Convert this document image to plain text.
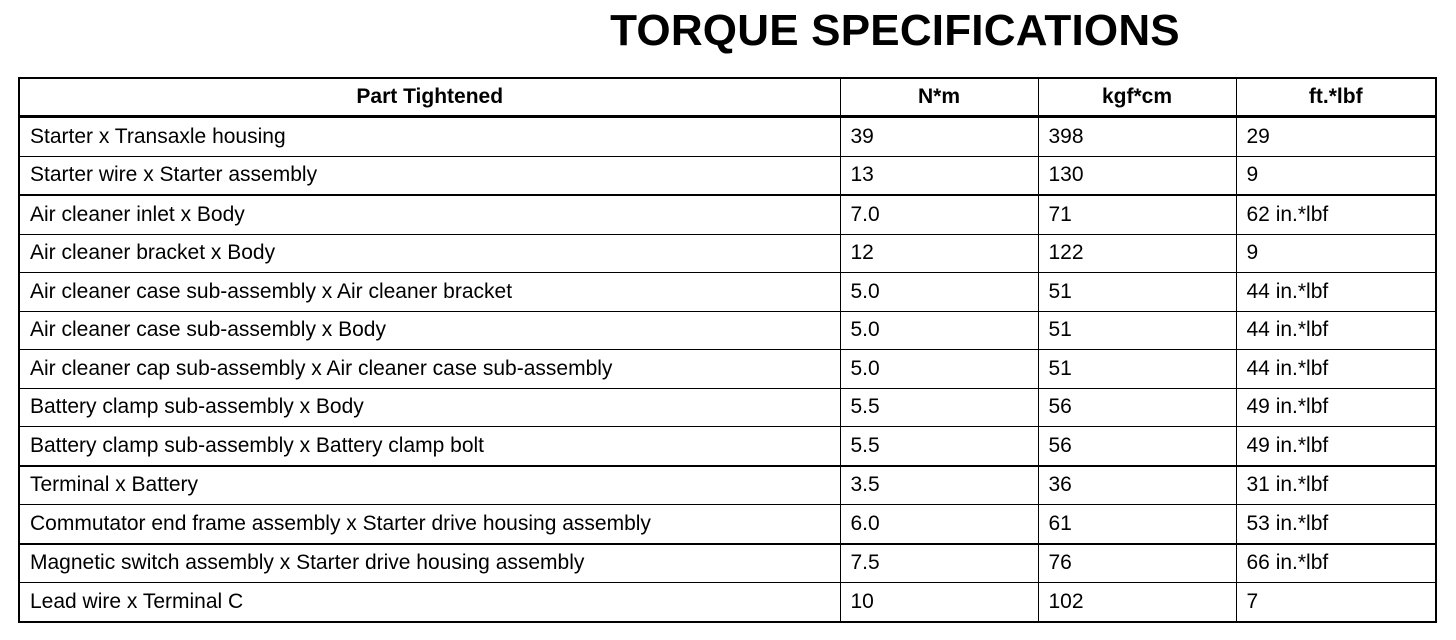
TORQUE SPECIFICATIONS
Part Tightened	N*m	kgf*cm	ft.*lbf
Starter x Transaxle housing	39	398	29
Starter wire x Starter assembly	13	130	9
Air cleaner inlet x Body	7.0	71	62 in.*lbf
Air cleaner bracket x Body	12	122	9
Air cleaner case sub-assembly x Air cleaner bracket	5.0	51	44 in.*lbf
Air cleaner case sub-assembly x Body	5.0	51	44 in.*lbf
Air cleaner cap sub-assembly x Air cleaner case sub-assembly	5.0	51	44 in.*lbf
Battery clamp sub-assembly x Body	5.5	56	49 in.*lbf
Battery clamp sub-assembly x Battery clamp bolt	5.5	56	49 in.*lbf
Terminal x Battery	3.5	36	31 in.*lbf
Commutator end frame assembly x Starter drive housing assembly	6.0	61	53 in.*lbf
Magnetic switch assembly x Starter drive housing assembly	7.5	76	66 in.*lbf
Lead wire x Terminal C	10	102	7
